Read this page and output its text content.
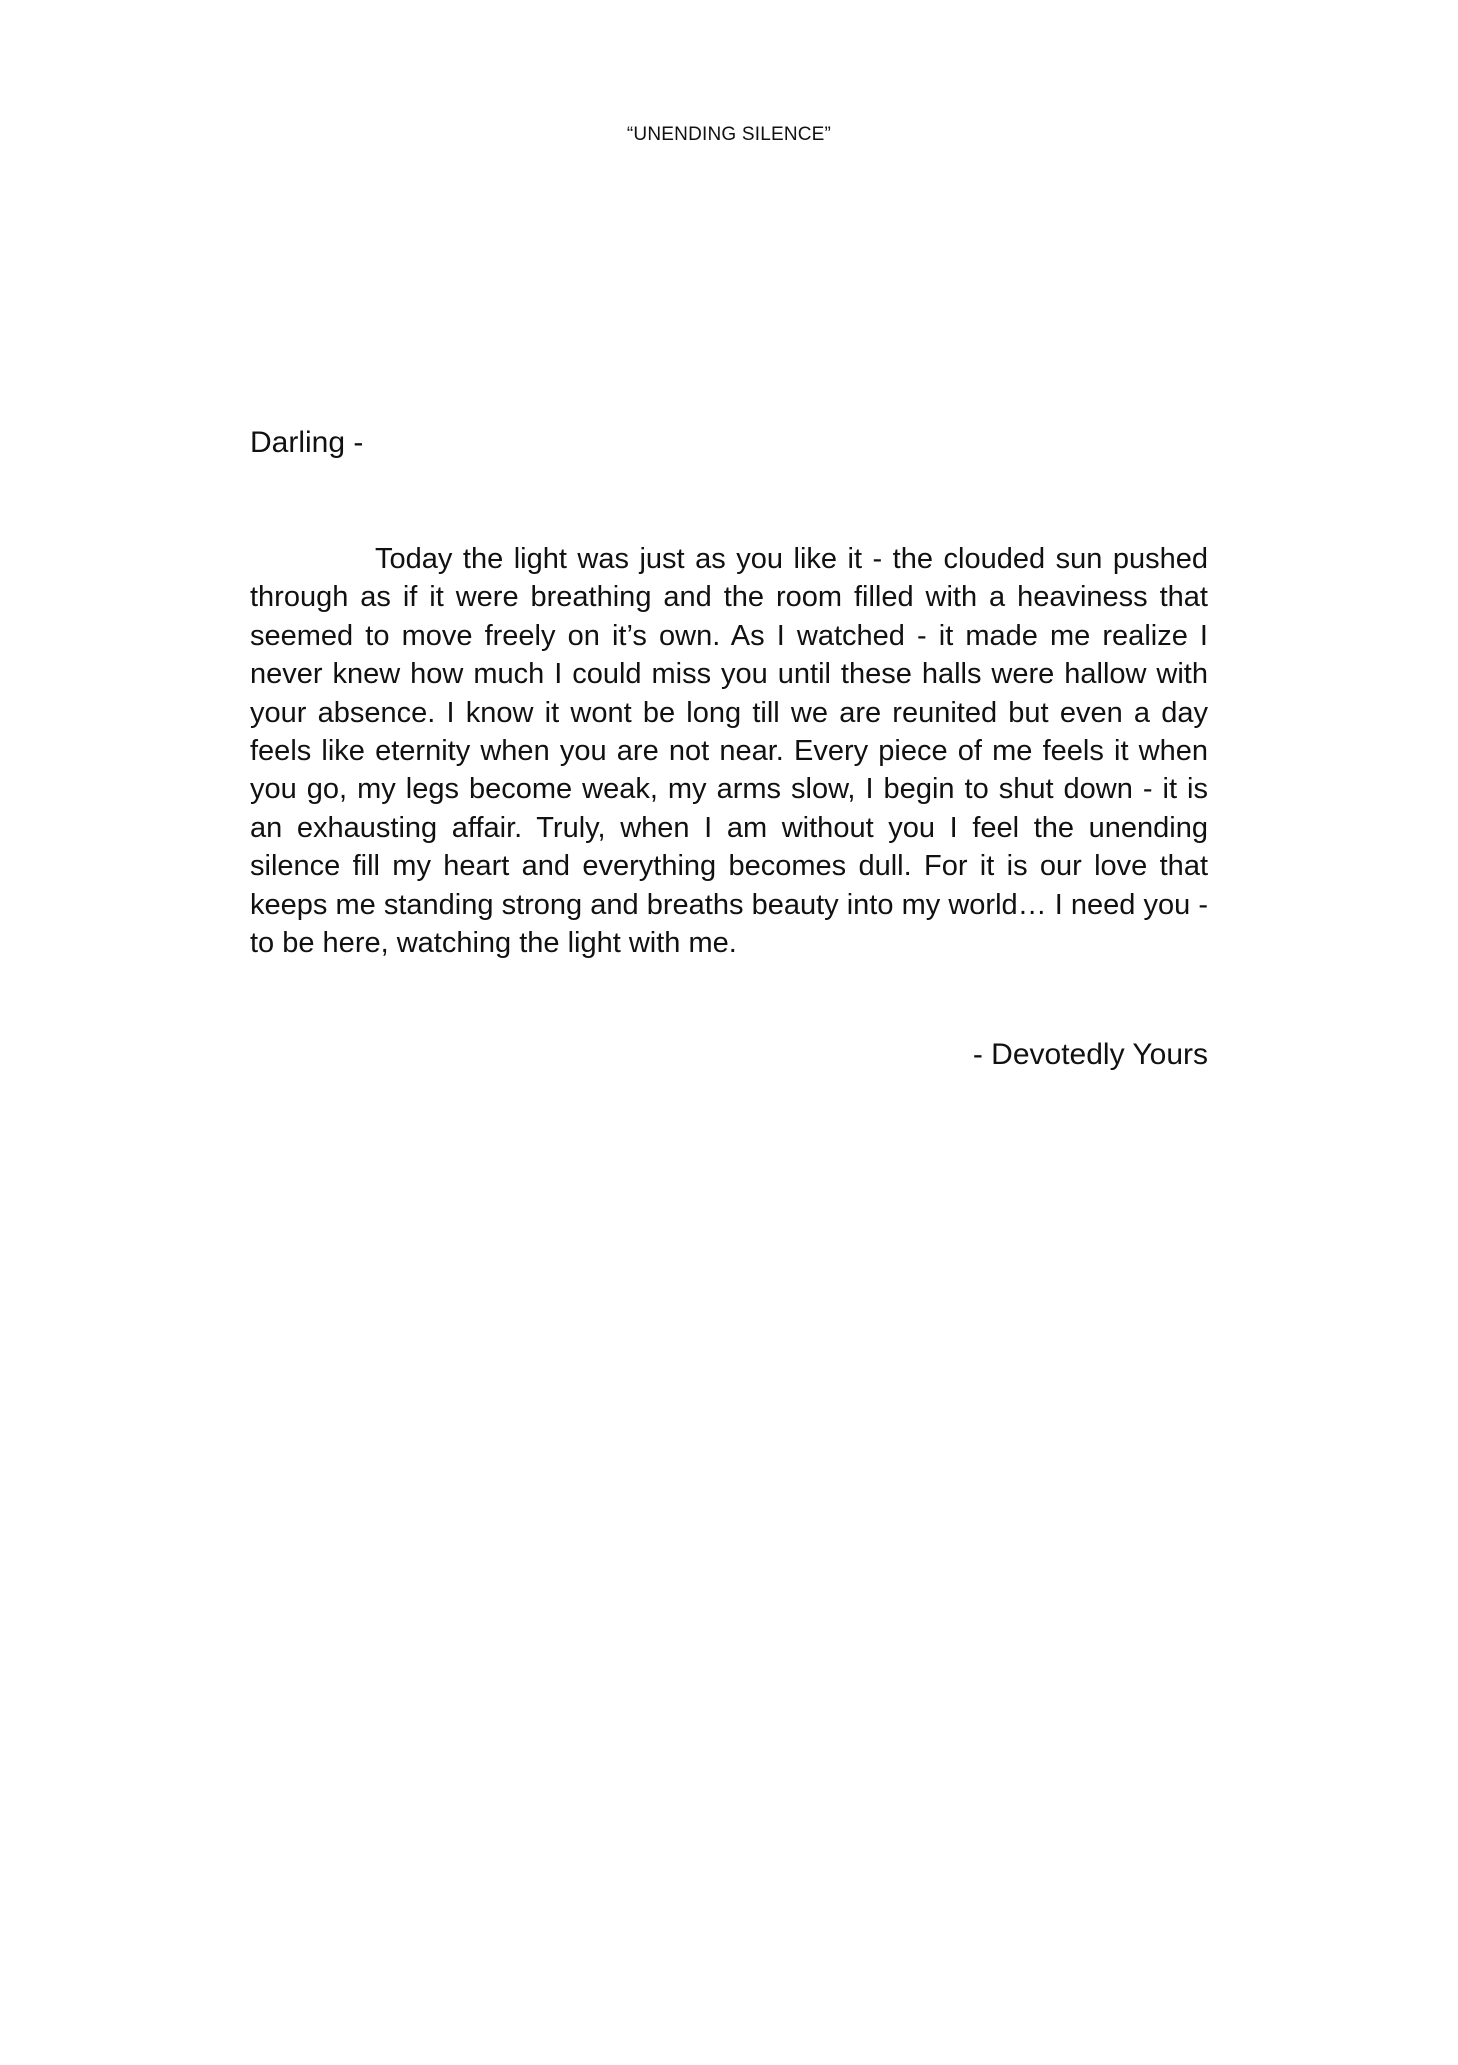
“UNENDING SILENCE”
Darling -

Today the light was just as you like it - the clouded sun pushed through as if it were breathing and the room filled with a heaviness that seemed to move freely on it’s own. As I watched - it made me realize I never knew how much I could miss you until these halls were hallow with your absence. I know it wont be long till we are reunited but even a day feels like eternity when you are not near. Every piece of me feels it when you go, my legs become weak, my arms slow, I begin to shut down - it is an exhausting affair. Truly, when I am without you I feel the unending silence fill my heart and everything becomes dull. For it is our love that keeps me standing strong and breaths beauty into my world… I need you - to be here, watching the light with me.

- Devotedly Yours
